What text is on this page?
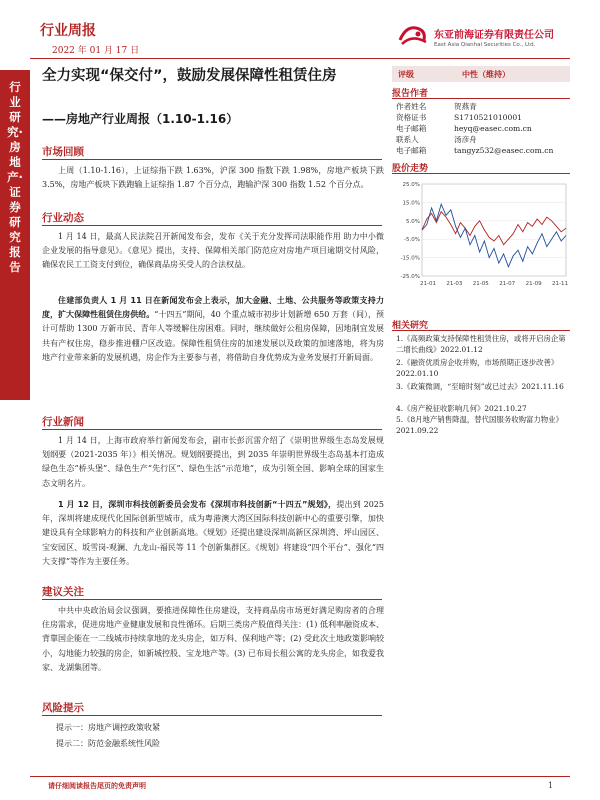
行业周报
2022 年 01 月 17 日
东亚前海证券有限责任公司
East Asia Qianhai Securities Co., Ltd.
行业研究·房地产·证券研究报告
全力实现“保交付”，鼓励发展保障性租赁住房
——房地产行业周报（1.10-1.16）
市场回顾
上周（1.10-1.16），上证综指下跌 1.63%，沪深 300 指数下跌 1.98%，房地产板块下跌 3.5%，房地产板块下跌跑输上证综指 1.87 个百分点，跑输沪深 300 指数 1.52 个百分点。
行业动态
1 月 14 日，最高人民法院召开新闻发布会，发布《关于充分发挥司法职能作用 助力中小微企业发展的指导意见》。《意见》提出，支持、保障相关部门防范应对房地产项目逾期交付风险，确保农民工工资支付到位，确保商品房买受人的合法权益。
住建部负责人 1 月 11 日在新闻发布会上表示，加大金融、土地、公共服务等政策支持力度，扩大保障性租赁住房供给。“十四五”期间，40 个重点城市初步计划新增 650 万套（间），预计可帮助 1300 万新市民、青年人等缓解住房困难。同时，继续做好公租房保障，因地制宜发展共有产权住房，稳步推进棚户区改造。保障性租赁住房的加速发展以及政策的加速落地，将为房地产行业带来新的发展机遇，房企作为主要参与者，将借助自身优势成为业务发展打开新局面。
行业新闻
1 月 14 日，上海市政府举行新闻发布会，副市长彭沉雷介绍了《崇明世界级生态岛发展规划纲要（2021-2035 年）》相关情况。规划纲要提出，到 2035 年崇明世界级生态岛基本打造成绿色生态“桥头堡”、绿色生产“先行区”、绿色生活“示范地”，成为引领全国、影响全球的国家生态文明名片。
1 月 12 日，深圳市科技创新委员会发布《深圳市科技创新“十四五”规划》，提出到 2025 年，深圳将建成现代化国际创新型城市，成为粤港澳大湾区国际科技创新中心的重要引擎，加快建设具有全球影响力的科技和产业创新高地。《规划》还提出建设深圳高新区深圳湾、坪山园区、宝安园区、坂雪岗-观澜、九龙山-福民等 11 个创新集群区。《规划》将建设“四个平台”、强化“四大支撑”等作为主要任务。
建议关注
中共中央政治局会议强调，要推进保障性住房建设，支持商品房市场更好满足购房者的合理住房需求，促进房地产业健康发展和良性循环。后期三类房产股值得关注：(1) 低利率融资成本、背靠国企能在一二线城市持续拿地的龙头房企，如万科、保利地产等；(2) 受此次土地政策影响较小，勾地能力较强的房企，如新城控股、宝龙地产等。(3) 已布局长租公寓的龙头房企，如我爱我家、龙湖集团等。
风险提示
提示一：房地产调控政策收紧
提示二：防范金融系统性风险
评级	中性（维持）
报告作者
作者姓名	贺燕青
资格证书	S1710521010001
电子邮箱	heyq@easec.com.cn
联系人	汤彦舟
电子邮箱	tangyz532@easec.com.cn
股价走势
25.0%
15.0%
5.0%
-5.0%
-15.0%
-25.0%
21-01 21-03 21-05 21-07 21-09 21-11
相关研究
1.《高频政策支持保障性租赁住房，或将开启房企第二增长曲线》2022.01.12
2.《融资优质房企收并购，市场预期正逐步改善》2022.01.10
3.《政策微调，“至暗时刻”或已过去》2021.11.16
4.《房产税征收影响几何》2021.10.27
5.《8月地产销售降温，替代国服务收购富力物业》2021.09.22
请仔细阅读报告尾页的免责声明	1
